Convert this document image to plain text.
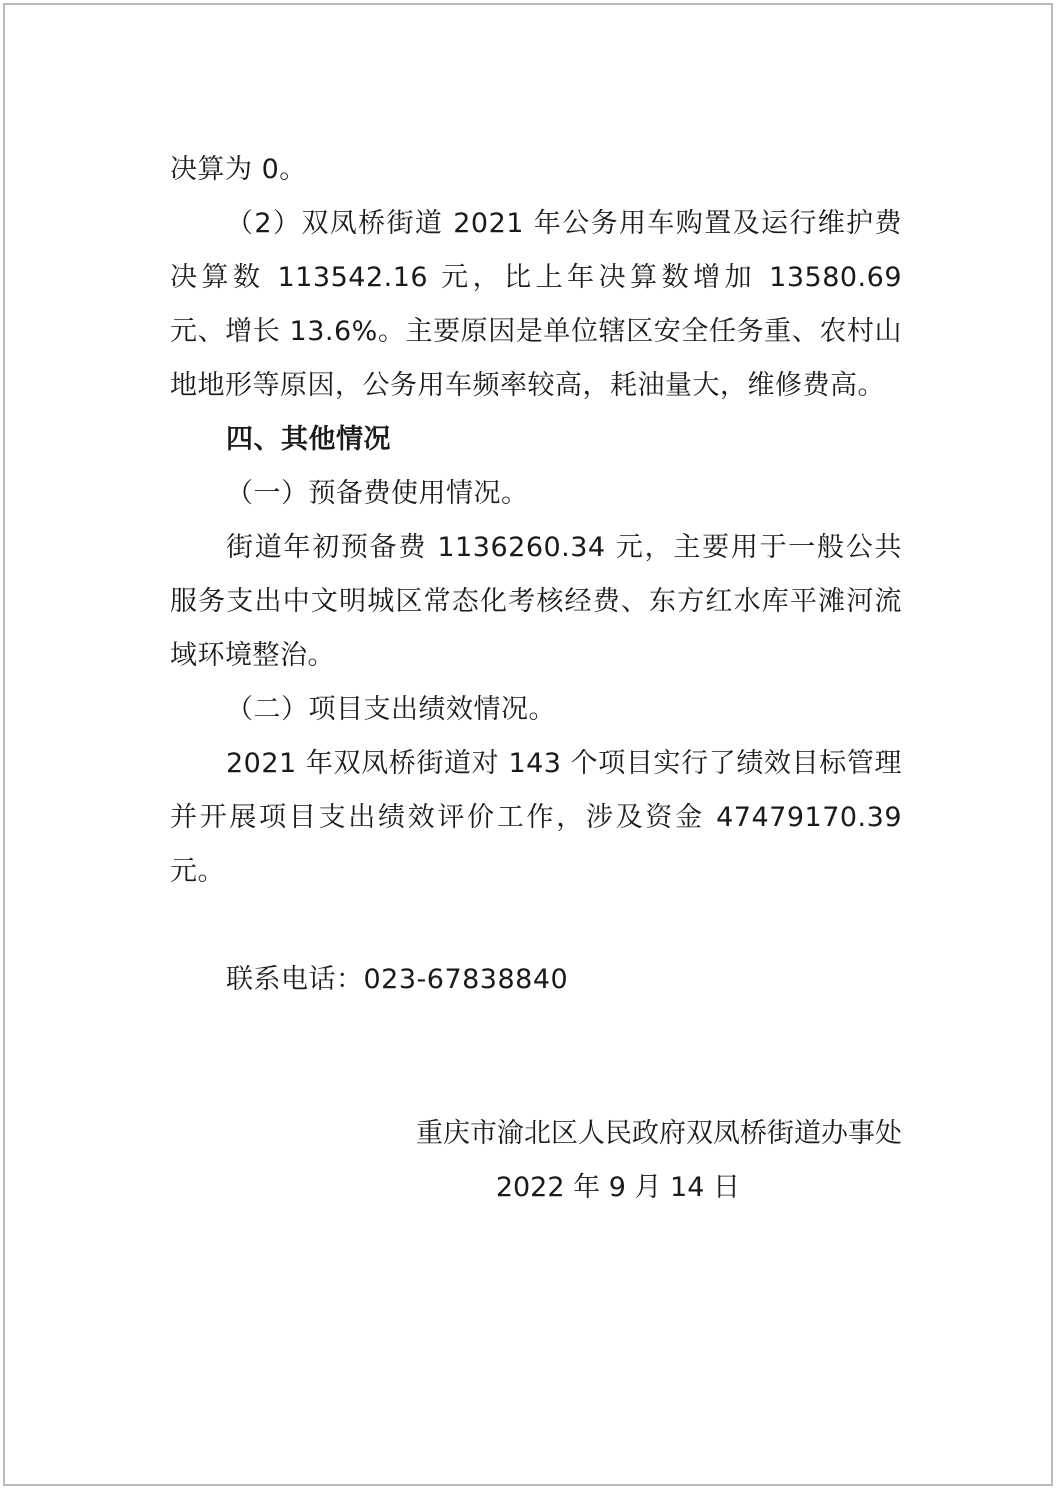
决算为 0。

（2）双凤桥街道 2021 年公务用车购置及运行维护费决算数 113542.16 元，比上年决算数增加 13580.69 元、增长 13.6%。主要原因是单位辖区安全任务重、农村山地地形等原因，公务用车频率较高，耗油量大，维修费高。

四、其他情况

（一）预备费使用情况。

街道年初预备费 1136260.34 元，主要用于一般公共服务支出中文明城区常态化考核经费、东方红水库平滩河流域环境整治。

（二）项目支出绩效情况。

2021 年双凤桥街道对 143 个项目实行了绩效目标管理并开展项目支出绩效评价工作，涉及资金 47479170.39 元。

联系电话：023-67838840

重庆市渝北区人民政府双凤桥街道办事处

2022 年 9 月 14 日
